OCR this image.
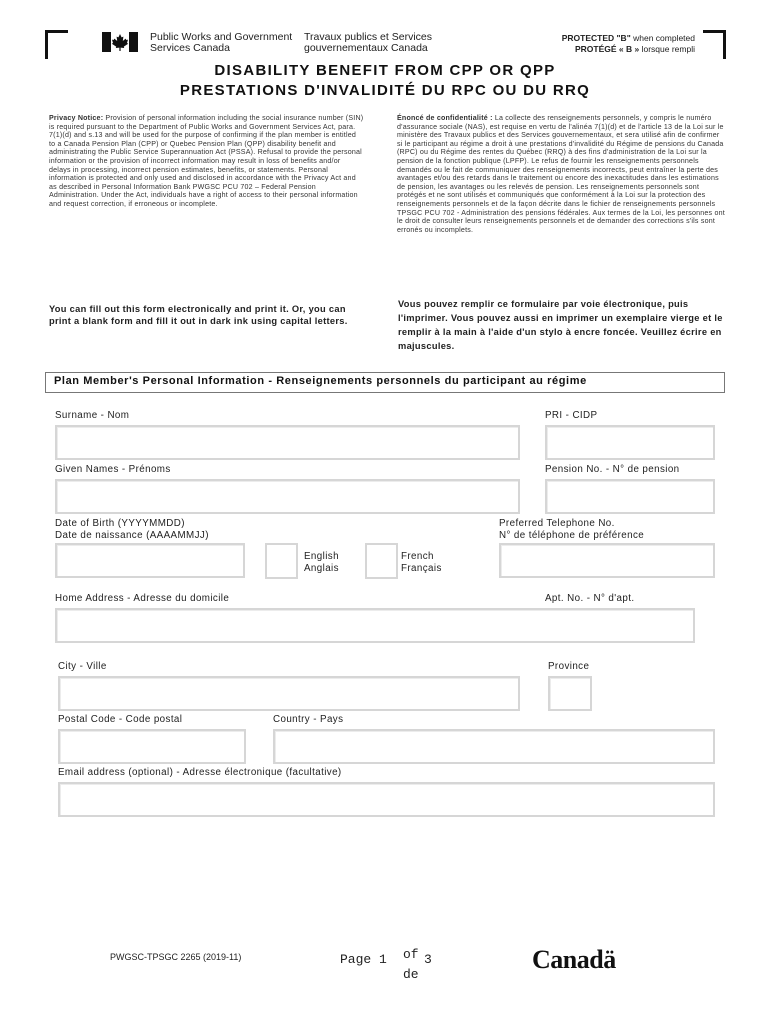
Public Works and Government
Services Canada
Travaux publics et Services
gouvernementaux Canada
PROTECTED "B" when completed
PROTÉGÉ « B » lorsque rempli
DISABILITY BENEFIT FROM CPP OR QPP
PRESTATIONS D'INVALIDITÉ DU RPC OU DU RRQ
Privacy Notice: Provision of personal information including the social insurance number (SIN) is required pursuant to the Department of Public Works and Government Services Act, para. 7(1)(d) and s.13 and will be used for the purpose of confirming if the plan member is entitled to a Canada Pension Plan (CPP) or Quebec Pension Plan (QPP) disability benefit and administrating the Public Service Superannuation Act (PSSA). Refusal to provide the personal information or the provision of incorrect information may result in loss of benefits and/or delays in processing, incorrect pension estimates, benefits, or statements. Personal information is protected and only used and disclosed in accordance with the Privacy Act and as described in Personal Information Bank PWGSC PCU 702 – Federal Pension Administration. Under the Act, individuals have a right of access to their personal information and request correction, if erroneous or incomplete.
Énoncé de confidentialité : La collecte des renseignements personnels, y compris le numéro d'assurance sociale (NAS), est requise en vertu de l'alinéa 7(1)(d) et de l'article 13 de la Loi sur le ministère des Travaux publics et des Services gouvernementaux, et sera utilisé afin de confirmer si le participant au régime a droit à une prestations d'invalidité du Régime de pensions du Canada (RPC) ou du Régime des rentes du Québec (RRQ) à des fins d'administration de la Loi sur la pension de la fonction publique (LPFP). Le refus de fournir les renseignements personnels demandés ou le fait de communiquer des renseignements incorrects, peut entraîner la perte des avantages et/ou des retards dans le traitement ou encore des inexactitudes dans les estimations de pension, les avantages ou les relevés de pension. Les renseignements personnels sont protégés et ne sont utilisés et communiqués que conformément à la Loi sur la protection des renseignements personnels et de la façon décrite dans le fichier de renseignements personnels TPSGC PCU 702 - Administration des pensions fédérales. Aux termes de la Loi, les personnes ont le droit de consulter leurs renseignements personnels et de demander des corrections s'ils sont erronés ou incomplets.
You can fill out this form electronically and print it. Or, you can print a blank form and fill it out in dark ink using capital letters.
Vous pouvez remplir ce formulaire par voie électronique, puis l'imprimer. Vous pouvez aussi en imprimer un exemplaire vierge et le remplir à la main à l'aide d'un stylo à encre foncée. Veuillez écrire en majuscules.
Plan Member's Personal Information - Renseignements personnels du participant au régime
Surname - Nom	PRI - CIDP
Given Names - Prénoms	Pension No. - N° de pension
Date of Birth (YYYYMMDD)
Date de naissance (AAAAMMJJ)
English
Anglais
French
Français
Preferred Telephone No.
N° de téléphone de préférence
Home Address - Adresse du domicile	Apt. No. - N° d'apt.
City - Ville	Province
Postal Code - Code postal	Country - Pays
Email address (optional) - Adresse électronique (facultative)
PWGSC-TPSGC 2265 (2019-11)	Page 1 of
de
3	Canadä
